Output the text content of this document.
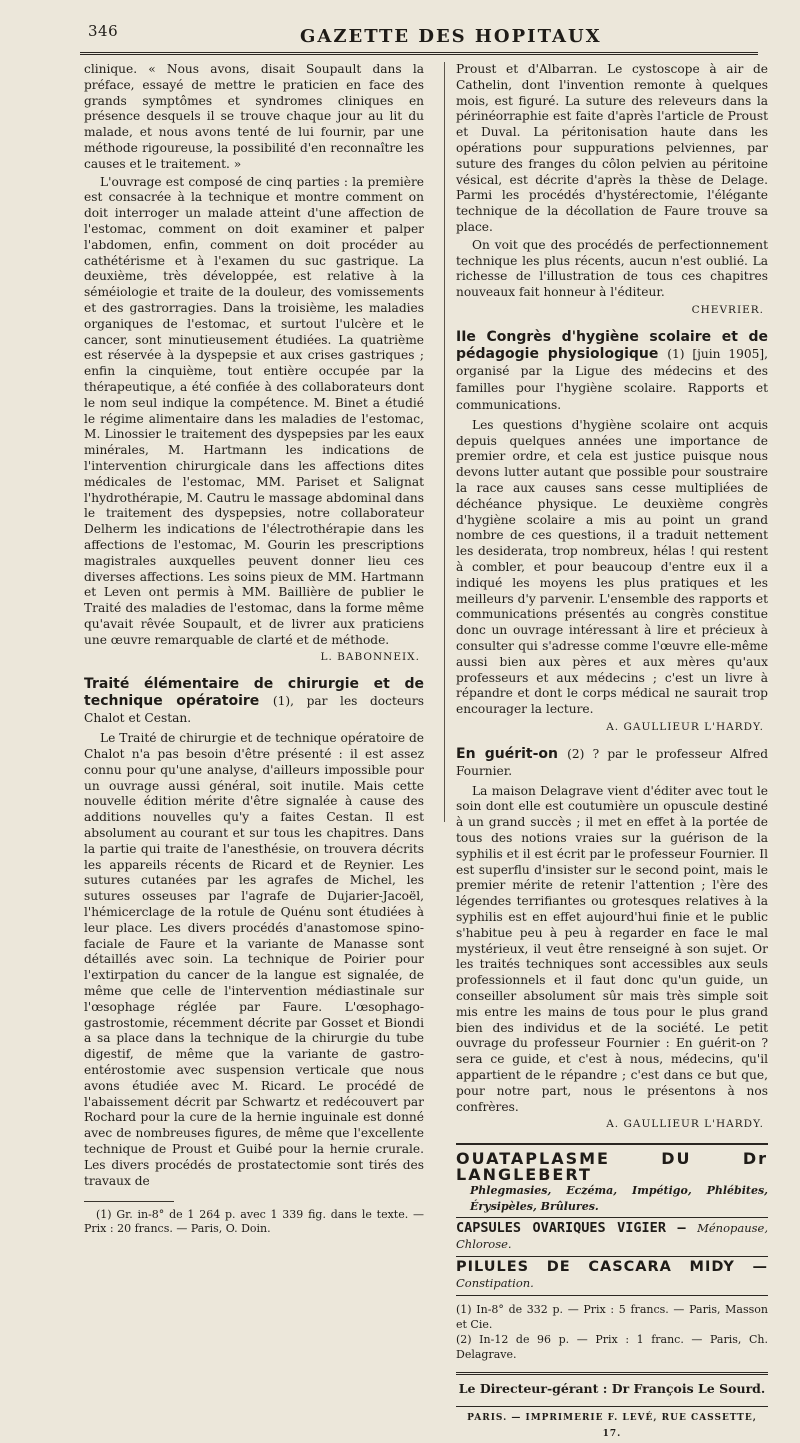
346	GAZETTE DES HOPITAUX

clinique. « Nous avons, disait Soupault dans la préface, essayé de mettre le praticien en face des grands symptômes et syndromes cliniques en présence desquels il se trouve chaque jour au lit du malade, et nous avons tenté de lui fournir, par une méthode rigoureuse, la possibilité d'en reconnaître les causes et le traitement. »

L'ouvrage est composé de cinq parties : la première est consacrée à la technique et montre comment on doit interroger un malade atteint d'une affection de l'estomac, comment on doit examiner et palper l'abdomen, enfin, comment on doit procéder au cathétérisme et à l'examen du suc gastrique. La deuxième, très développée, est relative à la séméiologie et traite de la douleur, des vomissements et des gastrorragies. Dans la troisième, les maladies organiques de l'estomac, et surtout l'ulcère et le cancer, sont minutieusement étudiées. La quatrième est réservée à la dyspepsie et aux crises gastriques ; enfin la cinquième, tout entière occupée par la thérapeutique, a été confiée à des collaborateurs dont le nom seul indique la compétence. M. Binet a étudié le régime alimentaire dans les maladies de l'estomac, M. Linossier le traitement des dyspepsies par les eaux minérales, M. Hartmann les indications de l'intervention chirurgicale dans les affections dites médicales de l'estomac, MM. Pariset et Salignat l'hydrothérapie, M. Cautru le massage abdominal dans le traitement des dyspepsies, notre collaborateur Delherm les indications de l'électrothérapie dans les affections de l'estomac, M. Gourin les prescriptions magistrales auxquelles peuvent donner lieu ces diverses affections. Les soins pieux de MM. Hartmann et Leven ont permis à MM. Baillière de publier le Traité des maladies de l'estomac, dans la forme même qu'avait rêvée Soupault, et de livrer aux praticiens une œuvre remarquable de clarté et de méthode.

L. BABONNEIX.
Traité élémentaire de chirurgie et de technique opératoire (1), par les docteurs Chalot et Cestan.

Le Traité de chirurgie et de technique opératoire de Chalot n'a pas besoin d'être présenté : il est assez connu pour qu'une analyse, d'ailleurs impossible pour un ouvrage aussi général, soit inutile. Mais cette nouvelle édition mérite d'être signalée à cause des additions nouvelles qu'y a faites Cestan. Il est absolument au courant et sur tous les chapitres. Dans la partie qui traite de l'anesthésie, on trouvera décrits les appareils récents de Ricard et de Reynier. Les sutures cutanées par les agrafes de Michel, les sutures osseuses par l'agrafe de Dujarier-Jacoël, l'hémicerclage de la rotule de Quénu sont étudiées à leur place. Les divers procédés d'anastomose spino-faciale de Faure et la variante de Manasse sont détaillés avec soin. La technique de Poirier pour l'extirpation du cancer de la langue est signalée, de même que celle de l'intervention médiastinale sur l'œsophage réglée par Faure. L'œsophago-gastrostomie, récemment décrite par Gosset et Biondi a sa place dans la technique de la chirurgie du tube digestif, de même que la variante de gastro-entérostomie avec suspension verticale que nous avons étudiée avec M. Ricard. Le procédé de l'abaissement décrit par Schwartz et redécouvert par Rochard pour la cure de la hernie inguinale est donné avec de nombreuses figures, de même que l'excellente technique de Proust et Guibé pour la hernie crurale. Les divers procédés de prostatectomie sont tirés des travaux de

(1) Gr. in-8° de 1 264 p. avec 1 339 fig. dans le texte. — Prix : 20 francs. — Paris, O. Doin.

Proust et d'Albarran. Le cystoscope à air de Cathelin, dont l'invention remonte à quelques mois, est figuré. La suture des releveurs dans la périnéorraphie est faite d'après l'article de Proust et Duval. La péritonisation haute dans les opérations pour suppurations pelviennes, par suture des franges du côlon pelvien au péritoine vésical, est décrite d'après la thèse de Delage. Parmi les procédés d'hystérectomie, l'élégante technique de la décollation de Faure trouve sa place.

On voit que des procédés de perfectionnement technique les plus récents, aucun n'est oublié. La richesse de l'illustration de tous ces chapitres nouveaux fait honneur à l'éditeur.

CHEVRIER.
IIe Congrès d'hygiène scolaire et de pédagogie physiologique (1) [juin 1905], organisé par la Ligue des médecins et des familles pour l'hygiène scolaire. Rapports et communications.

Les questions d'hygiène scolaire ont acquis depuis quelques années une importance de premier ordre, et cela est justice puisque nous devons lutter autant que possible pour soustraire la race aux causes sans cesse multipliées de déchéance physique. Le deuxième congrès d'hygiène scolaire a mis au point un grand nombre de ces questions, il a traduit nettement les desiderata, trop nombreux, hélas ! qui restent à combler, et pour beaucoup d'entre eux il a indiqué les moyens les plus pratiques et les meilleurs d'y parvenir. L'ensemble des rapports et communications présentés au congrès constitue donc un ouvrage intéressant à lire et précieux à consulter qui s'adresse comme l'œuvre elle-même aussi bien aux pères et aux mères qu'aux professeurs et aux médecins ; c'est un livre à répandre et dont le corps médical ne saurait trop encourager la lecture.

A. GAULLIEUR L'HARDY.
En guérit-on (2) ? par le professeur Alfred Fournier.

La maison Delagrave vient d'éditer avec tout le soin dont elle est coutumière un opuscule destiné à un grand succès ; il met en effet à la portée de tous des notions vraies sur la guérison de la syphilis et il est écrit par le professeur Fournier. Il est superflu d'insister sur le second point, mais le premier mérite de retenir l'attention ; l'ère des légendes terrifiantes ou grotesques relatives à la syphilis est en effet aujourd'hui finie et le public s'habitue peu à peu à regarder en face le mal mystérieux, il veut être renseigné à son sujet. Or les traités techniques sont accessibles aux seuls professionnels et il faut donc qu'un guide, un conseiller absolument sûr mais très simple soit mis entre les mains de tous pour le plus grand bien des individus et de la société. Le petit ouvrage du professeur Fournier : En guérit-on ? sera ce guide, et c'est à nous, médecins, qu'il appartient de le répandre ; c'est dans ce but que, pour notre part, nous le présentons à nos confrères.

A. GAULLIEUR L'HARDY.
OUATAPLASME DU Dr LANGLEBERT
Phlegmasies, Eczéma, Impétigo, Phlébites, Érysipèles, Brûlures.
CAPSULES OVARIQUES VIGIER — Ménopause, Chlorose.
PILULES DE CASCARA MIDY — Constipation.
(1) In-8° de 332 p. — Prix : 5 francs. — Paris, Masson et Cie.
(2) In-12 de 96 p. — Prix : 1 franc. — Paris, Ch. Delagrave.
Le Directeur-gérant : Dr François Le Sourd.
PARIS. — IMPRIMERIE F. LEVÉ, RUE CASSETTE, 17.
